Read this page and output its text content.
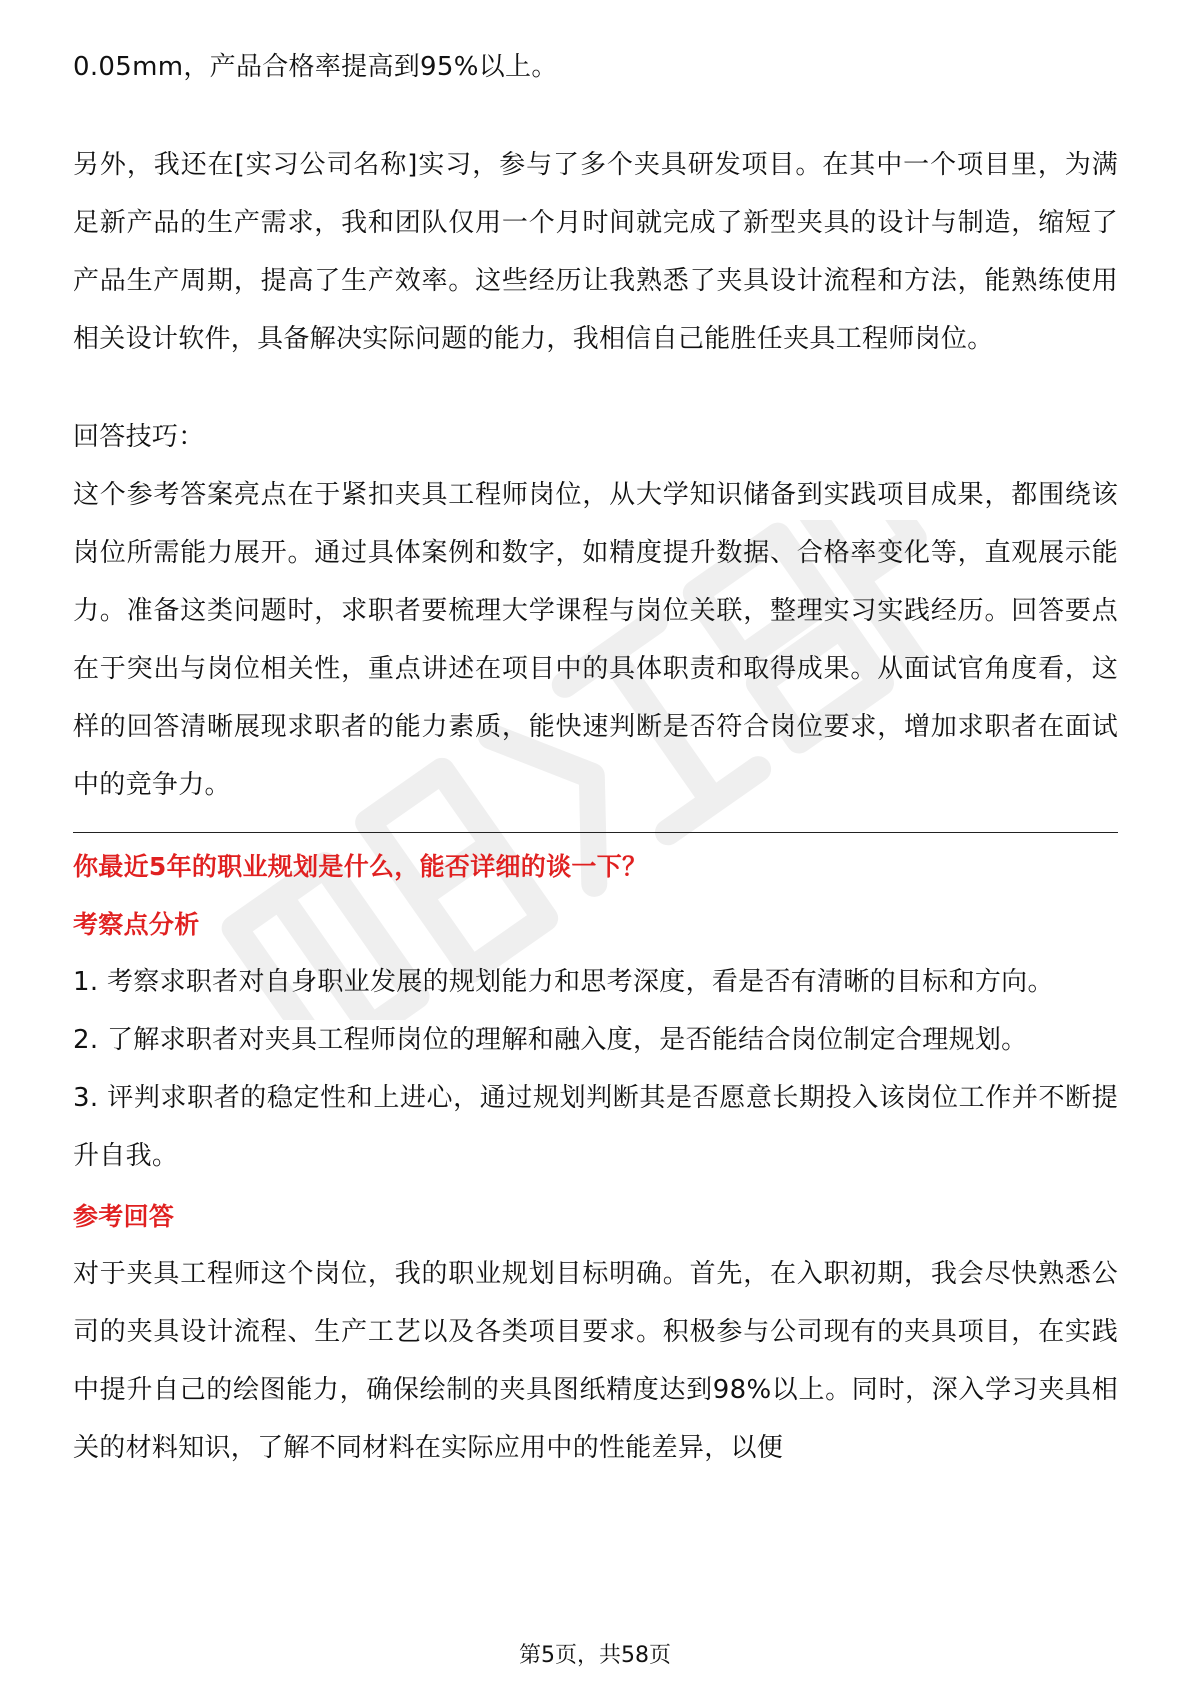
0.05mm，产品合格率提高到95%以上。

另外，我还在[实习公司名称]实习，参与了多个夹具研发项目。在其中一个项目里，为满足新产品的生产需求，我和团队仅用一个月时间就完成了新型夹具的设计与制造，缩短了产品生产周期，提高了生产效率。这些经历让我熟悉了夹具设计流程和方法，能熟练使用相关设计软件，具备解决实际问题的能力，我相信自己能胜任夹具工程师岗位。

回答技巧：

这个参考答案亮点在于紧扣夹具工程师岗位，从大学知识储备到实践项目成果，都围绕该岗位所需能力展开。通过具体案例和数字，如精度提升数据、合格率变化等，直观展示能力。准备这类问题时，求职者要梳理大学课程与岗位关联，整理实习实践经历。回答要点在于突出与岗位相关性，重点讲述在项目中的具体职责和取得成果。从面试官角度看，这样的回答清晰展现求职者的能力素质，能快速判断是否符合岗位要求，增加求职者在面试中的竞争力。

你最近5年的职业规划是什么，能否详细的谈一下？

考察点分析

1. 考察求职者对自身职业发展的规划能力和思考深度，看是否有清晰的目标和方向。

2. 了解求职者对夹具工程师岗位的理解和融入度，是否能结合岗位制定合理规划。

3. 评判求职者的稳定性和上进心，通过规划判断其是否愿意长期投入该岗位工作并不断提升自我。

参考回答

对于夹具工程师这个岗位，我的职业规划目标明确。首先，在入职初期，我会尽快熟悉公司的夹具设计流程、生产工艺以及各类项目要求。积极参与公司现有的夹具项目，在实践中提升自己的绘图能力，确保绘制的夹具图纸精度达到98%以上。同时，深入学习夹具相关的材料知识，了解不同材料在实际应用中的性能差异，以便

第5页，共58页
